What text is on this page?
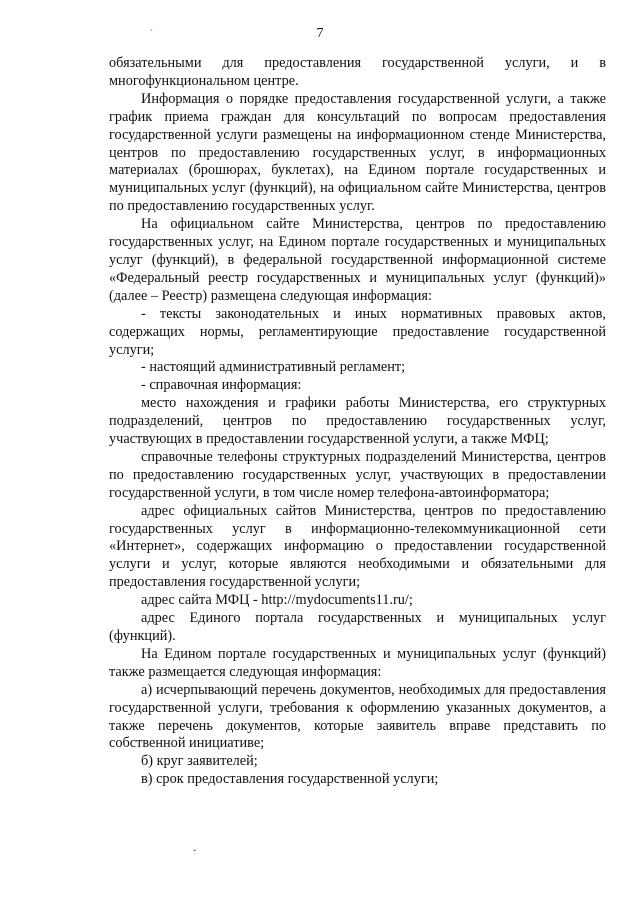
7
ˎ
ˇ

обязательными для предоставления государственной услуги, и в многофункциональном центре.

Информация о порядке предоставления государственной услуги, а также график приема граждан для консультаций по вопросам предоставления государственной услуги размещены на информационном стенде Министерства, центров по предоставлению государственных услуг, в информационных материалах (брошюрах, буклетах), на Едином портале государственных и муниципальных услуг (функций), на официальном сайте Министерства, центров по предоставлению государственных услуг.

На официальном сайте Министерства, центров по предоставлению государственных услуг, на Едином портале государственных и муниципальных услуг (функций), в федеральной государственной информационной системе «Федеральный реестр государственных и муниципальных услуг (функций)» (далее – Реестр) размещена следующая информация:

- тексты законодательных и иных нормативных правовых актов, содержащих нормы, регламентирующие предоставление государственной услуги;

- настоящий административный регламент;

- справочная информация:

место нахождения и графики работы Министерства, его структурных подразделений, центров по предоставлению государственных услуг, участвующих в предоставлении государственной услуги, а также МФЦ;

справочные телефоны структурных подразделений Министерства, центров по предоставлению государственных услуг, участвующих в предоставлении государственной услуги, в том числе номер телефона-автоинформатора;

адрес официальных сайтов Министерства, центров по предоставлению государственных услуг в информационно-телекоммуникационной сети «Интернет», содержащих информацию о предоставлении государственной услуги и услуг, которые являются необходимыми и обязательными для предоставления государственной услуги;

адрес сайта МФЦ - http://mydocuments11.ru/;

адрес Единого портала государственных и муниципальных услуг (функций).

На Едином портале государственных и муниципальных услуг (функций) также размещается следующая информация:

а) исчерпывающий перечень документов, необходимых для предоставления государственной услуги, требования к оформлению указанных документов, а также перечень документов, которые заявитель вправе представить по собственной инициативе;

б) круг заявителей;

в) срок предоставления государственной услуги;
